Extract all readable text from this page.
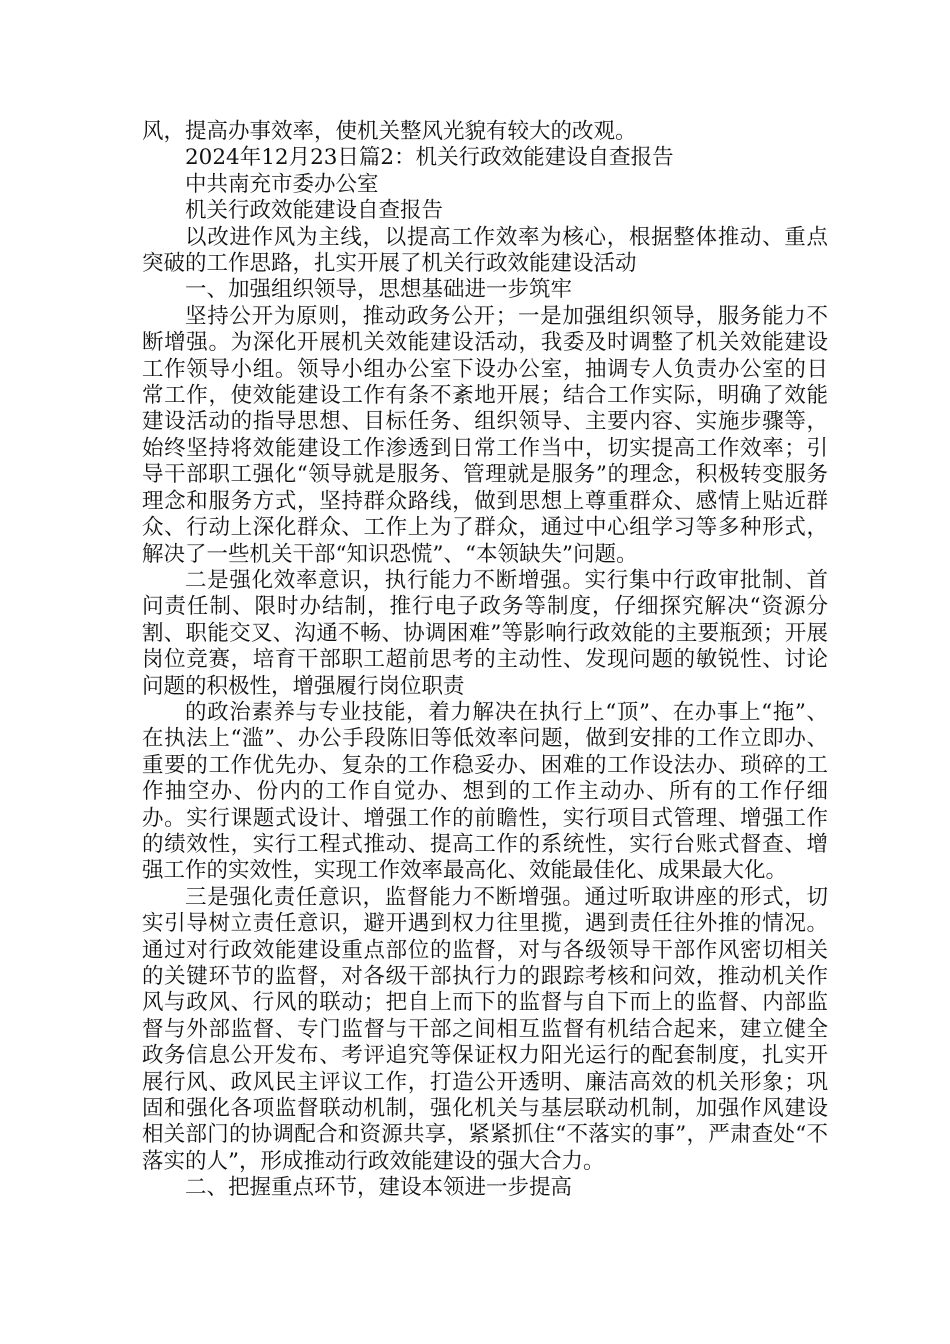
风，提高办事效率，使机关整风光貌有较大的改观。

2024年12月23日篇2：机关行政效能建设自查报告

中共南充市委办公室

机关行政效能建设自查报告

以改进作风为主线，以提高工作效率为核心，根据整体推动、重点突破的工作思路，扎实开展了机关行政效能建设活动

一、加强组织领导，思想基础进一步筑牢

坚持公开为原则，推动政务公开；一是加强组织领导，服务能力不断增强。为深化开展机关效能建设活动，我委及时调整了机关效能建设工作领导小组。领导小组办公室下设办公室，抽调专人负责办公室的日常工作，使效能建设工作有条不紊地开展；结合工作实际，明确了效能建设活动的指导思想、目标任务、组织领导、主要内容、实施步骤等，始终坚持将效能建设工作渗透到日常工作当中，切实提高工作效率；引导干部职工强化“领导就是服务、管理就是服务”的理念，积极转变服务理念和服务方式，坚持群众路线，做到思想上尊重群众、感情上贴近群众、行动上深化群众、工作上为了群众，通过中心组学习等多种形式，解决了一些机关干部“知识恐慌”、“本领缺失”问题。

二是强化效率意识，执行能力不断增强。实行集中行政审批制、首问责任制、限时办结制，推行电子政务等制度，仔细探究解决“资源分割、职能交叉、沟通不畅、协调困难”等影响行政效能的主要瓶颈；开展岗位竞赛，培育干部职工超前思考的主动性、发现问题的敏锐性、讨论问题的积极性，增强履行岗位职责

的政治素养与专业技能，着力解决在执行上“顶”、在办事上“拖”、在执法上“滥”、办公手段陈旧等低效率问题，做到安排的工作立即办、重要的工作优先办、复杂的工作稳妥办、困难的工作设法办、琐碎的工作抽空办、份内的工作自觉办、想到的工作主动办、所有的工作仔细办。实行课题式设计、增强工作的前瞻性，实行项目式管理、增强工作的绩效性，实行工程式推动、提高工作的系统性，实行台账式督查、增强工作的实效性，实现工作效率最高化、效能最佳化、成果最大化。

三是强化责任意识，监督能力不断增强。通过听取讲座的形式，切实引导树立责任意识，避开遇到权力往里揽，遇到责任往外推的情况。通过对行政效能建设重点部位的监督，对与各级领导干部作风密切相关的关键环节的监督，对各级干部执行力的跟踪考核和问效，推动机关作风与政风、行风的联动；把自上而下的监督与自下而上的监督、内部监督与外部监督、专门监督与干部之间相互监督有机结合起来，建立健全政务信息公开发布、考评追究等保证权力阳光运行的配套制度，扎实开展行风、政风民主评议工作，打造公开透明、廉洁高效的机关形象；巩固和强化各项监督联动机制，强化机关与基层联动机制，加强作风建设相关部门的协调配合和资源共享，紧紧抓住“不落实的事”，严肃查处“不落实的人”，形成推动行政效能建设的强大合力。

二、把握重点环节，建设本领进一步提高
